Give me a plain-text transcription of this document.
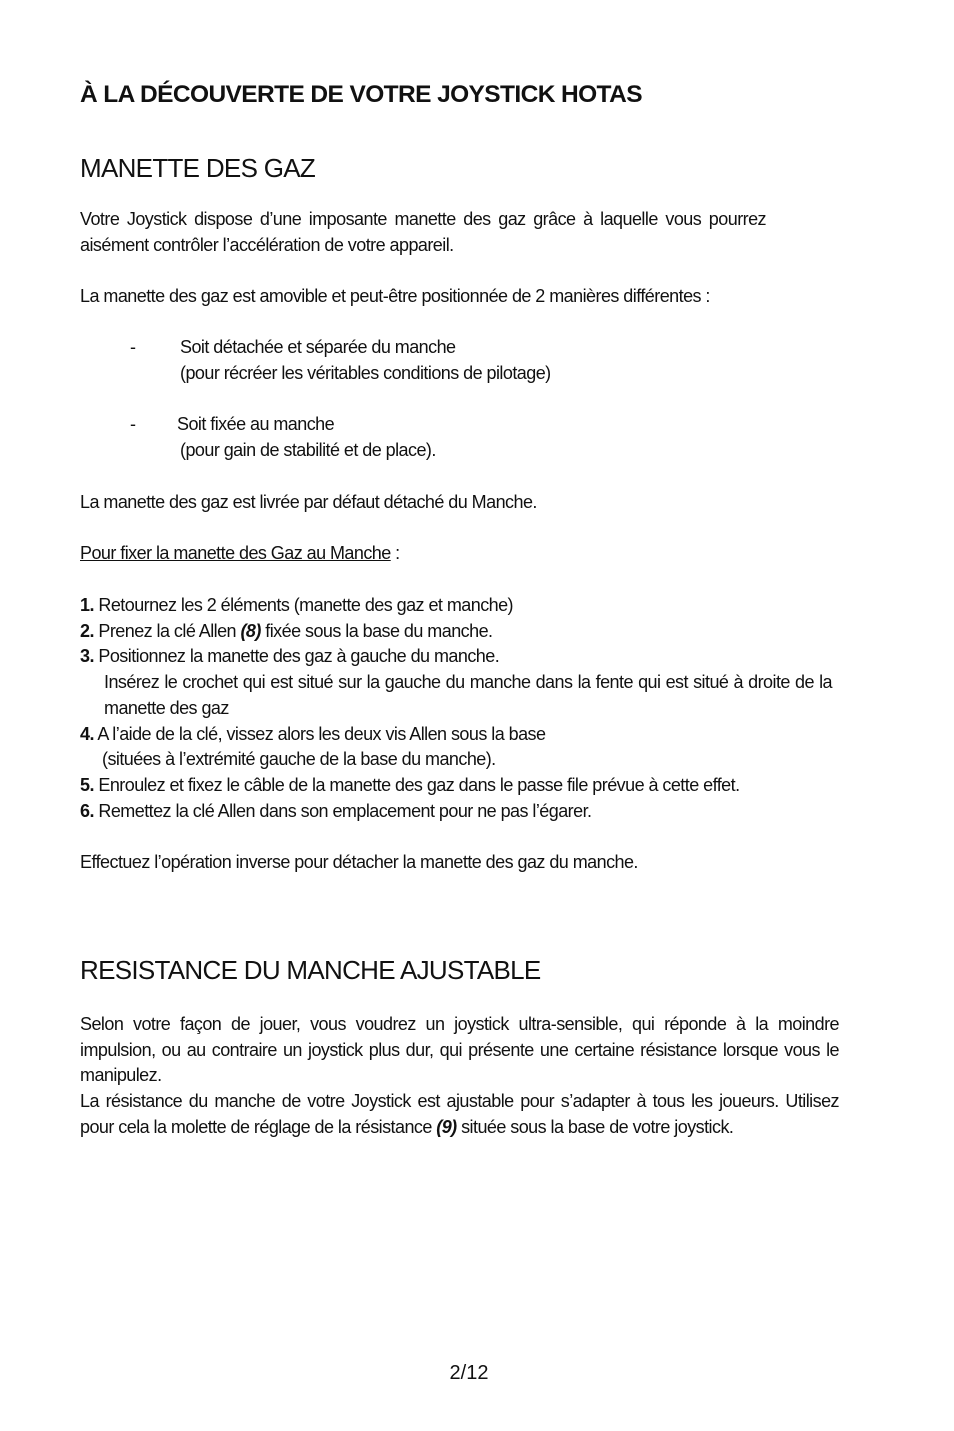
À LA DÉCOUVERTE DE VOTRE JOYSTICK HOTAS
MANETTE DES GAZ

Votre Joystick dispose d’une imposante manette des gaz grâce à laquelle vous pourrez aisément contrôler l’accélération de votre appareil.

La manette des gaz est amovible et peut-être positionnée de 2 manières différentes :

- Soit détachée et séparée du manche
(pour récréer les véritables conditions de pilotage)
- Soit fixée au manche
(pour gain de stabilité et de place).

La manette des gaz est livrée par défaut détaché du Manche.

Pour fixer la manette des Gaz au Manche :

1. Retournez les 2 éléments (manette des gaz et manche)
2. Prenez la clé Allen (8) fixée sous la base du manche.
3. Positionnez la manette des gaz à gauche du manche.
Insérez le crochet qui est situé sur la gauche du manche dans la fente qui est situé à droite de la manette des gaz
4. A l’aide de la clé, vissez alors les deux vis Allen sous la base
(situées à l’extrémité gauche de la base du manche).
5. Enroulez et fixez le câble de la manette des gaz dans le passe file prévue à cette effet.
6. Remettez la clé Allen dans son emplacement pour ne pas l’égarer.

Effectuez l’opération inverse pour détacher la manette des gaz du manche.

RESISTANCE DU MANCHE AJUSTABLE

Selon votre façon de jouer, vous voudrez un joystick ultra-sensible, qui réponde à la moindre impulsion, ou au contraire un joystick plus dur, qui présente une certaine résistance lorsque vous le manipulez.

La résistance du manche de votre Joystick est ajustable pour s’adapter à tous les joueurs. Utilisez pour cela la molette de réglage de la résistance (9) située sous la base de votre joystick.

2/12
